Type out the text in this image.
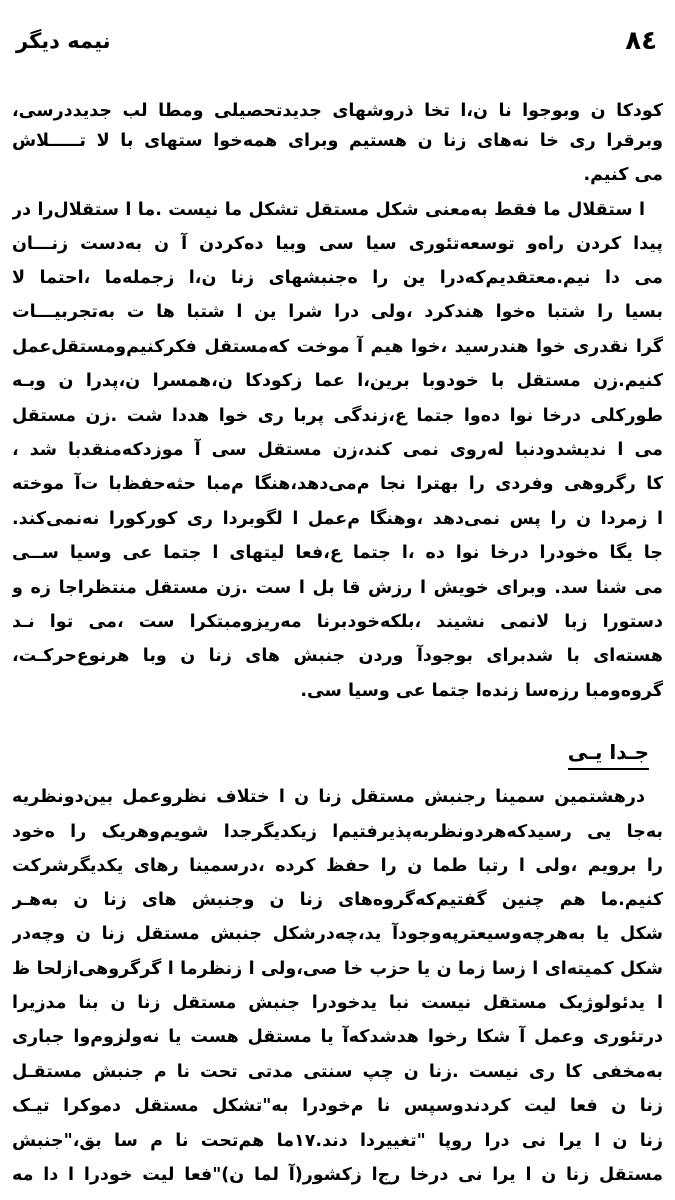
نیمه دیگر	۸٤
کودکا ن وبوجوا نا ن،ا تخا ذروشهای جدیدتحصیلی ومطا لب جدیددرسی،
وبرقرا ری خا نه‌های زنا ن هستیم وبرای همه‌خوا ستهای با لا تـــــلاش
می کنیم.
ا ستقلال ما فقط به‌معنی شکل مستقل تشکل ما نیست .ما ا ستقلال‌را در
پیدا کردن راه‌و توسعه‌تئوری سیا سی وبیا ده‌کردن آ ن به‌دست زنـــان
می دا نیم.معتقدیم‌که‌درا ین را ه‌جنبشهای زنا ن،ا زجمله‌ما ،احتما لا
بسیا را شتبا ه‌خوا هندکرد ،ولی درا شرا ین ا شتبا ها ت به‌تجربیـــات
گرا نقدری خوا هندرسید ،خوا هیم آ موخت که‌مستقل فکرکنیم‌ومستقل‌عمل
کنیم.زن مستقل با خودوبا برین،ا عما زکودکا ن،همسرا ن،پدرا ن وبـه
طورکلی درخا نوا ده‌وا جتما ع،زندگی پربا ری خوا هددا شت .زن مستقل
می ا ندیشدودنبا له‌روی نمی کند،زن مستقل سی آ موزدکه‌منقدبا شد ،
کا رگروهی وفردی را بهترا نجا م‌می‌دهد،هنگا م‌مبا حثه‌حفظ‌با ت‌آ موخته
ا زمردا ن را پس نمی‌دهد ،وهنگا م‌عمل ا لگوبردا ری کورکورا نه‌نمی‌کند.
جا یگا ه‌خودرا درخا نوا ده ،ا جتما ع،فعا لیتهای ا جتما عی وسیا ســی
می شنا سد. وبرای خویش ا رزش قا بل ا ست .زن مستقل منتظراجا زه و
دستورا زبا لانمی نشیند ،بلکه‌خودبرنا مه‌ریزومبتکرا ست ،می توا نـد
هسته‌ای با شدبرای بوجودآ وردن جنبش های زنا ن وبا هرنوع‌حرکـت،
گروه‌ومبا رزه‌سا زنده‌ا جتما عی وسیا سی.
درهشتمین سمینا رجنبش مستقل زنا ن ا ختلاف نظروعمل بین‌دونظریه
به‌جا یی رسیدکه‌هردونظربه‌پذیرفتیم‌ا زیکدیگرجدا شویم‌وهریک را ه‌خود
را برویم ،ولی ا رتبا طما ن را حفظ کرده ،درسمینا رهای یکدیگرشرکت
کنیم.ما هم چنین گفتیم‌که‌گروه‌های زنا ن وجنبش های زنا ن به‌هـر
شکل یا به‌هرچه‌وسیعترپه‌وجودآ ید،چه‌درشکل جنبش مستقل زنا ن وچه‌در
شکل کمیته‌ای ا زسا زما ن یا حزب خا صی،ولی ا زنظرما ا گرگروهی‌ازلحا ظ
ا یدئولوژیک مستقل نیست نبا یدخودرا جنبش مستقل زنا ن بنا مدزیرا
درتئوری وعمل آ شکا رخوا هدشدکه‌آ یا مستقل هست یا نه‌ولزوم‌وا جباری
به‌مخفی کا ری نیست .زنا ن چپ سنتی مدتی تحت نا م جنبش مستقـل
زنا ن فعا لیت کردندوسپس نا م‌خودرا به"تشکل مستقل دموکرا تیـک
زنا ن ا یرا نی درا روپا "تغییردا دند.۱۷ما هم‌تحت نا م سا بق،"جنبش
مستقل زنا ن ا یرا نی درخا رج‌ا زکشور(آ لما ن)"فعا لیت خودرا ا دا مه
جـدا یـی
